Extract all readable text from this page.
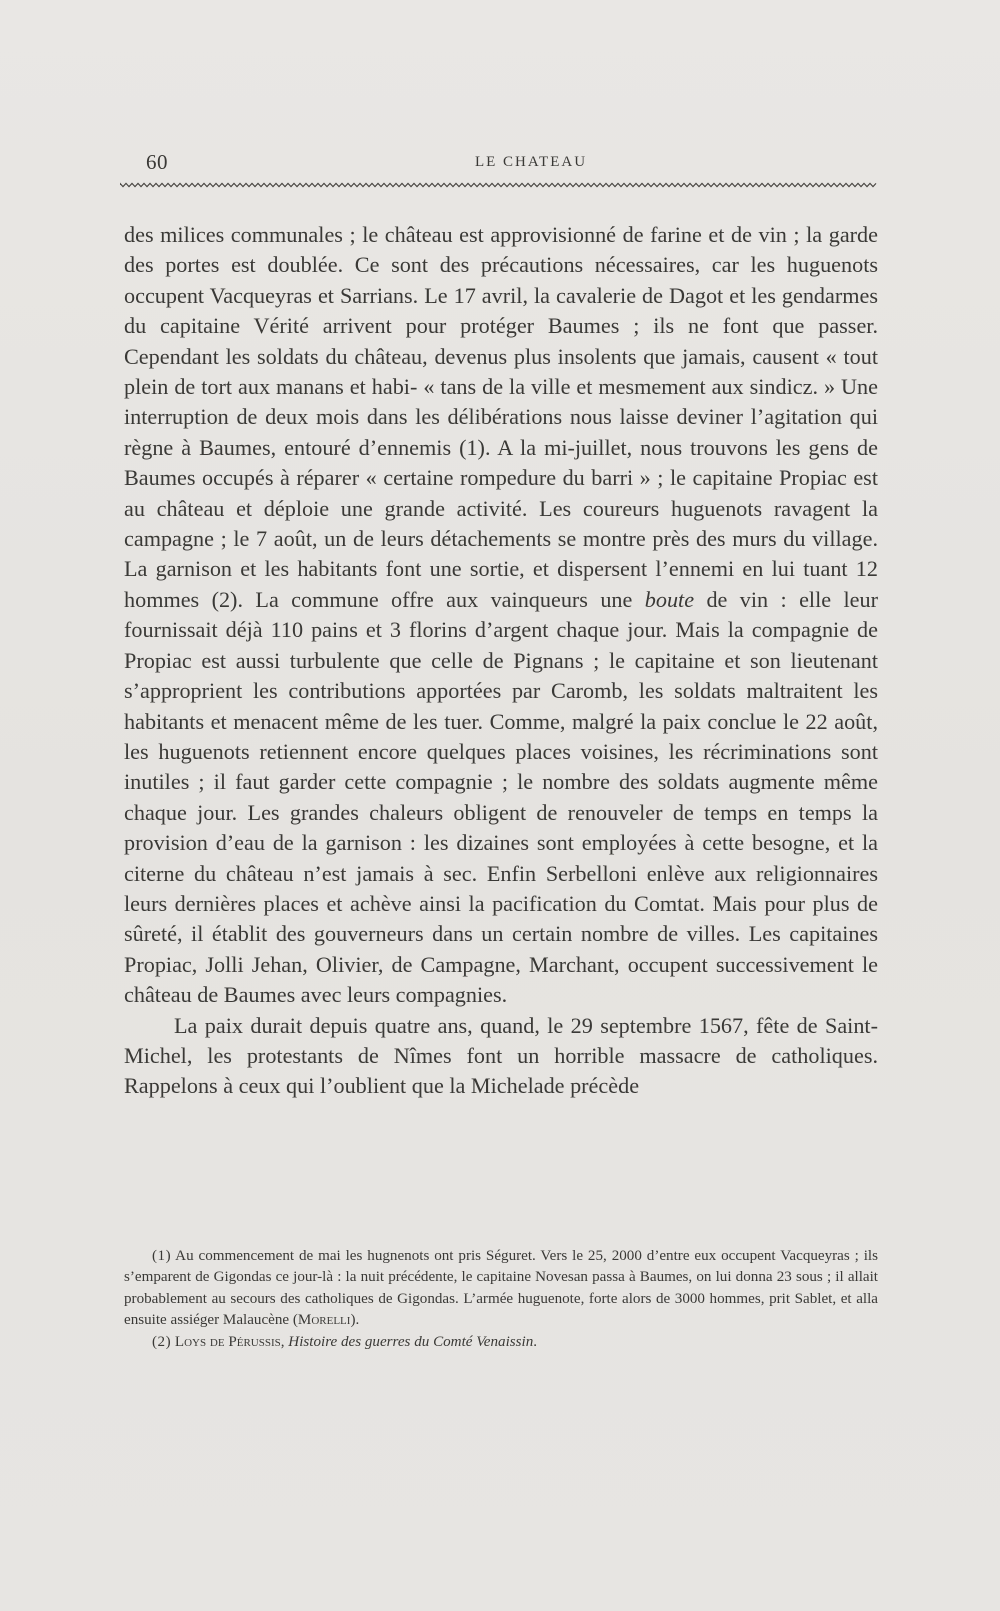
60	LE CHATEAU

des milices communales ; le château est approvisionné de farine et de vin ; la garde des portes est doublée. Ce sont des précautions nécessaires, car les huguenots occupent Vacqueyras et Sarrians. Le 17 avril, la cavalerie de Dagot et les gendarmes du capitaine Vérité arrivent pour protéger Baumes ; ils ne font que passer. Cependant les soldats du château, devenus plus insolents que jamais, causent « tout plein de tort aux manans et habi- « tans de la ville et mesmement aux sindicz. » Une interruption de deux mois dans les délibérations nous laisse deviner l’agitation qui règne à Baumes, entouré d’ennemis (1). A la mi-juillet, nous trouvons les gens de Baumes occupés à réparer « certaine rompedure du barri » ; le capitaine Propiac est au château et déploie une grande activité. Les coureurs huguenots ravagent la campagne ; le 7 août, un de leurs détachements se montre près des murs du village. La garnison et les habitants font une sortie, et dispersent l’ennemi en lui tuant 12 hommes (2). La commune offre aux vainqueurs une boute de vin : elle leur fournissait déjà 110 pains et 3 florins d’argent chaque jour. Mais la compagnie de Propiac est aussi turbulente que celle de Pignans ; le capitaine et son lieutenant s’approprient les contributions apportées par Caromb, les soldats maltraitent les habitants et menacent même de les tuer. Comme, malgré la paix conclue le 22 août, les huguenots retiennent encore quelques places voisines, les récriminations sont inutiles ; il faut garder cette compagnie ; le nombre des soldats augmente même chaque jour. Les grandes chaleurs obligent de renouveler de temps en temps la provision d’eau de la garnison : les dizaines sont employées à cette besogne, et la citerne du château n’est jamais à sec. Enfin Serbelloni enlève aux religionnaires leurs dernières places et achève ainsi la pacification du Comtat. Mais pour plus de sûreté, il établit des gouverneurs dans un certain nombre de villes. Les capitaines Propiac, Jolli Jehan, Olivier, de Campagne, Marchant, occupent successivement le château de Baumes avec leurs compagnies.

La paix durait depuis quatre ans, quand, le 29 septembre 1567, fête de Saint-Michel, les protestants de Nîmes font un horrible massacre de catholiques. Rappelons à ceux qui l’oublient que la Michelade précède

(1) Au commencement de mai les hugnenots ont pris Séguret. Vers le 25, 2000 d’entre eux occupent Vacqueyras ; ils s’emparent de Gigondas ce jour-là : la nuit précédente, le capitaine Novesan passa à Baumes, on lui donna 23 sous ; il allait probablement au secours des catholiques de Gigondas. L’armée huguenote, forte alors de 3000 hommes, prit Sablet, et alla ensuite assiéger Malaucène (Morelli).

(2) Loys de Pérussis, Histoire des guerres du Comté Venaissin.
